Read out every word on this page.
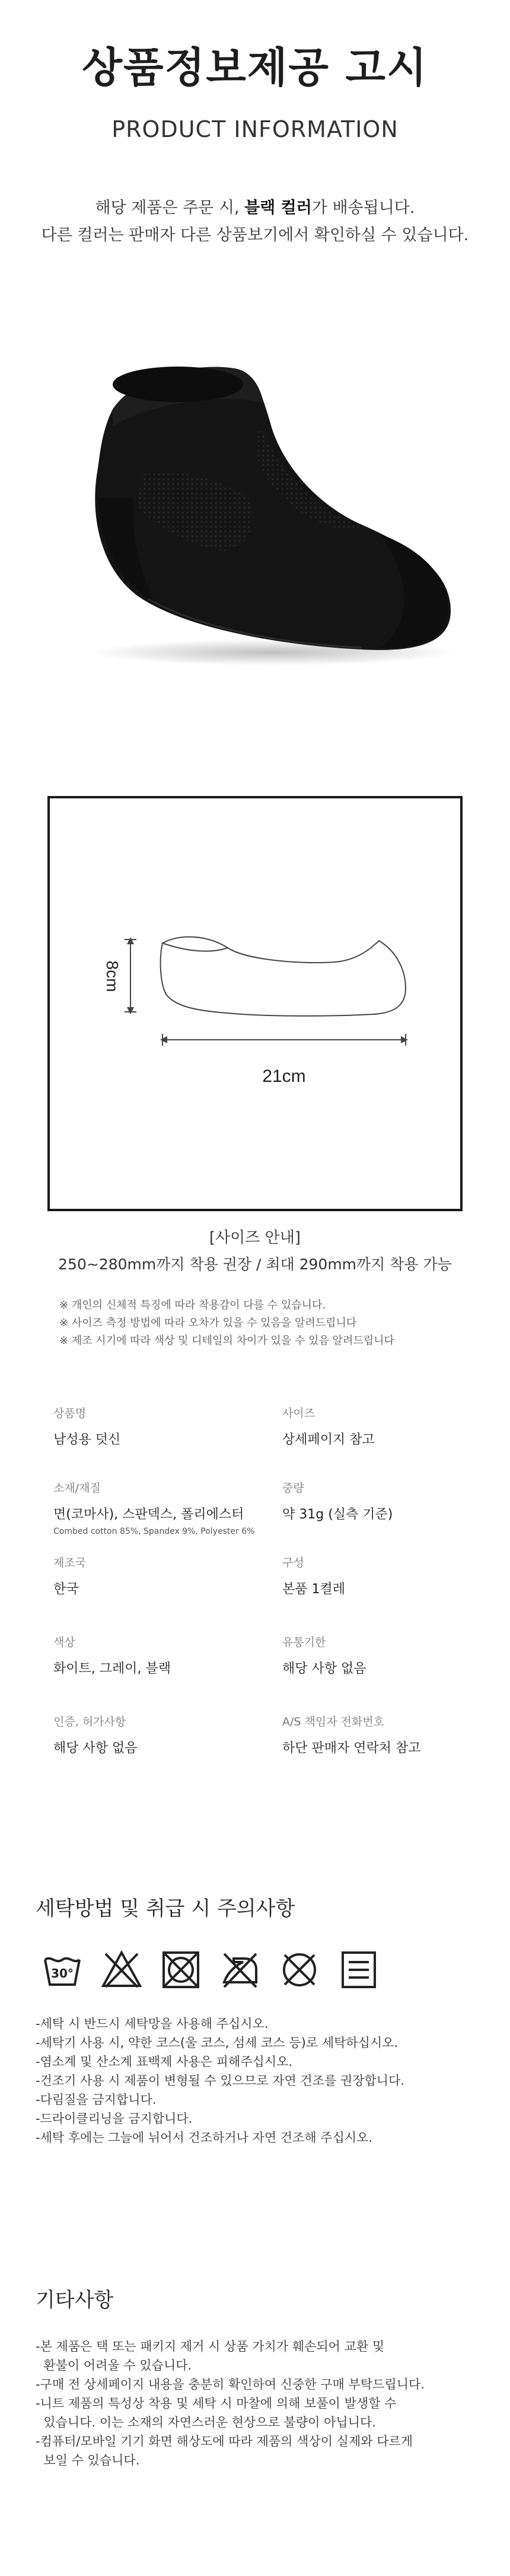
상품정보제공 고시
PRODUCT INFORMATION
해당 제품은 주문 시, 블랙 컬러가 배송됩니다.
다른 컬러는 판매자 다른 상품보기에서 확인하실 수 있습니다.
8cm
21cm
[사이즈 안내]
250~280mm까지 착용 권장 / 최대 290mm까지 착용 가능
※ 개인의 신체적 특징에 따라 착용감이 다를 수 있습니다.
※ 사이즈 측정 방법에 따라 오차가 있을 수 있음을 알려드립니다
※ 제조 시기에 따라 색상 및 디테일의 차이가 있을 수 있음 알려드립니다
상품명
남성용 덧신
사이즈
상세페이지 참고
소재/재질
면(코마사), 스판덱스, 폴리에스터
Combed cotton 85%, Spandex 9%, Polyester 6%
중량
약 31g (실측 기준)
제조국
한국
구성
본품 1켤레
색상
화이트, 그레이, 블랙
유통기한
해당 사항 없음
인증, 허가사항
해당 사항 없음
A/S 책임자 전화번호
하단 판매자 연락처 참고
세탁방법 및 취급 시 주의사항
30°
-세탁 시 반드시 세탁망을 사용해 주십시오.
-세탁기 사용 시, 약한 코스(울 코스, 섬세 코스 등)로 세탁하십시오.
-염소계 및 산소계 표백제 사용은 피해주십시오.
-건조기 사용 시 제품이 변형될 수 있으므로 자연 건조를 권장합니다.
-다림질을 금지합니다.
-드라이클리닝을 금지합니다.
-세탁 후에는 그늘에 뉘어서 건조하거나 자연 건조해 주십시오.
기타사항
-본 제품은 택 또는 패키지 제거 시 상품 가치가 훼손되어 교환 및
환불이 어려울 수 있습니다.
-구매 전 상세페이지 내용을 충분히 확인하여 신중한 구매 부탁드립니다.
-니트 제품의 특성상 착용 및 세탁 시 마찰에 의해 보풀이 발생할 수
있습니다. 이는 소재의 자연스러운 현상으로 불량이 아닙니다.
-컴퓨터/모바일 기기 화면 해상도에 따라 제품의 색상이 실제와 다르게
보일 수 있습니다.
